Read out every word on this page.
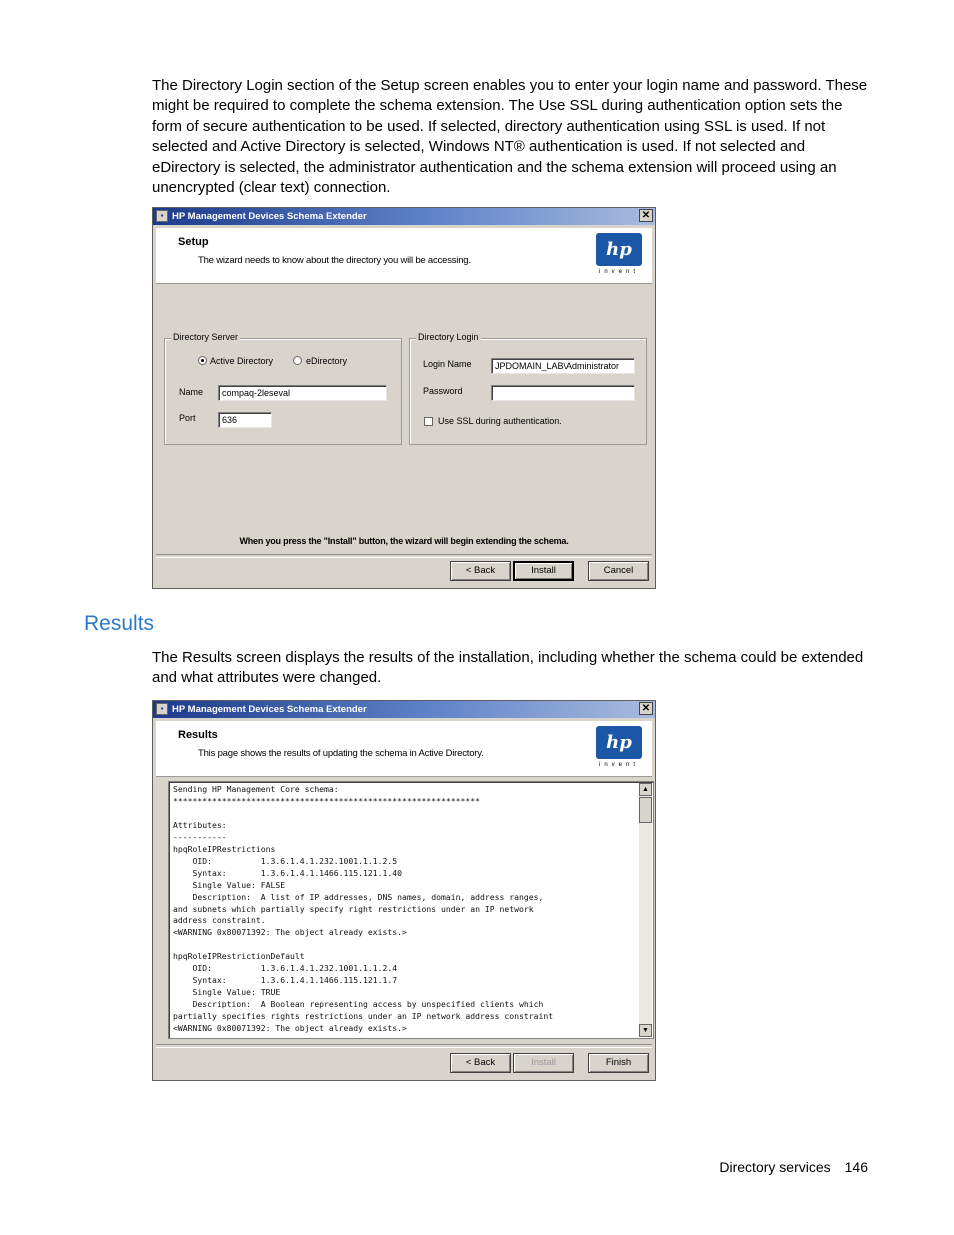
The Directory Login section of the Setup screen enables you to enter your login name and password. These might be required to complete the schema extension. The Use SSL during authentication option sets the form of secure authentication to be used. If selected, directory authentication using SSL is used. If not selected and Active Directory is selected, Windows NT® authentication is used. If not selected and eDirectory is selected, the administrator authentication and the schema extension will proceed using an unencrypted (clear text) connection.

▪ HP Management Devices Schema Extender	✕
Setup
The wizard needs to know about the directory you will be accessing.
hp
invent
Directory Server
Active Directory	eDirectory
Name	compaq-2leseval
Port	636
Directory Login
Login Name	JPDOMAIN_LAB\Administrator
Password
Use SSL during authentication.
When you press the "Install" button, the wizard will begin extending the schema.
< Back	Install	Cancel
Results

The Results screen displays the results of the installation, including whether the schema could be extended and what attributes were changed.

▪ HP Management Devices Schema Extender	✕
Results
This page shows the results of updating the schema in Active Directory.
hp
invent
Sending HP Management Core schema:
***************************************************************

Attributes:
-----------
hpqRoleIPRestrictions
OID:          1.3.6.1.4.1.232.1001.1.1.2.5
Syntax:       1.3.6.1.4.1.1466.115.121.1.40
Single Value: FALSE
Description:  A list of IP addresses, DNS names, domain, address ranges,
and subnets which partially specify right restrictions under an IP network
address constraint.
<WARNING 0x80071392: The object already exists.>

hpqRoleIPRestrictionDefault
OID:          1.3.6.1.4.1.232.1001.1.1.2.4
Syntax:       1.3.6.1.4.1.1466.115.121.1.7
Single Value: TRUE
Description:  A Boolean representing access by unspecified clients which
partially specifies rights restrictions under an IP network address constraint
<WARNING 0x80071392: The object already exists.>
▲
▼
< Back	Install	Finish
Directory services 146
